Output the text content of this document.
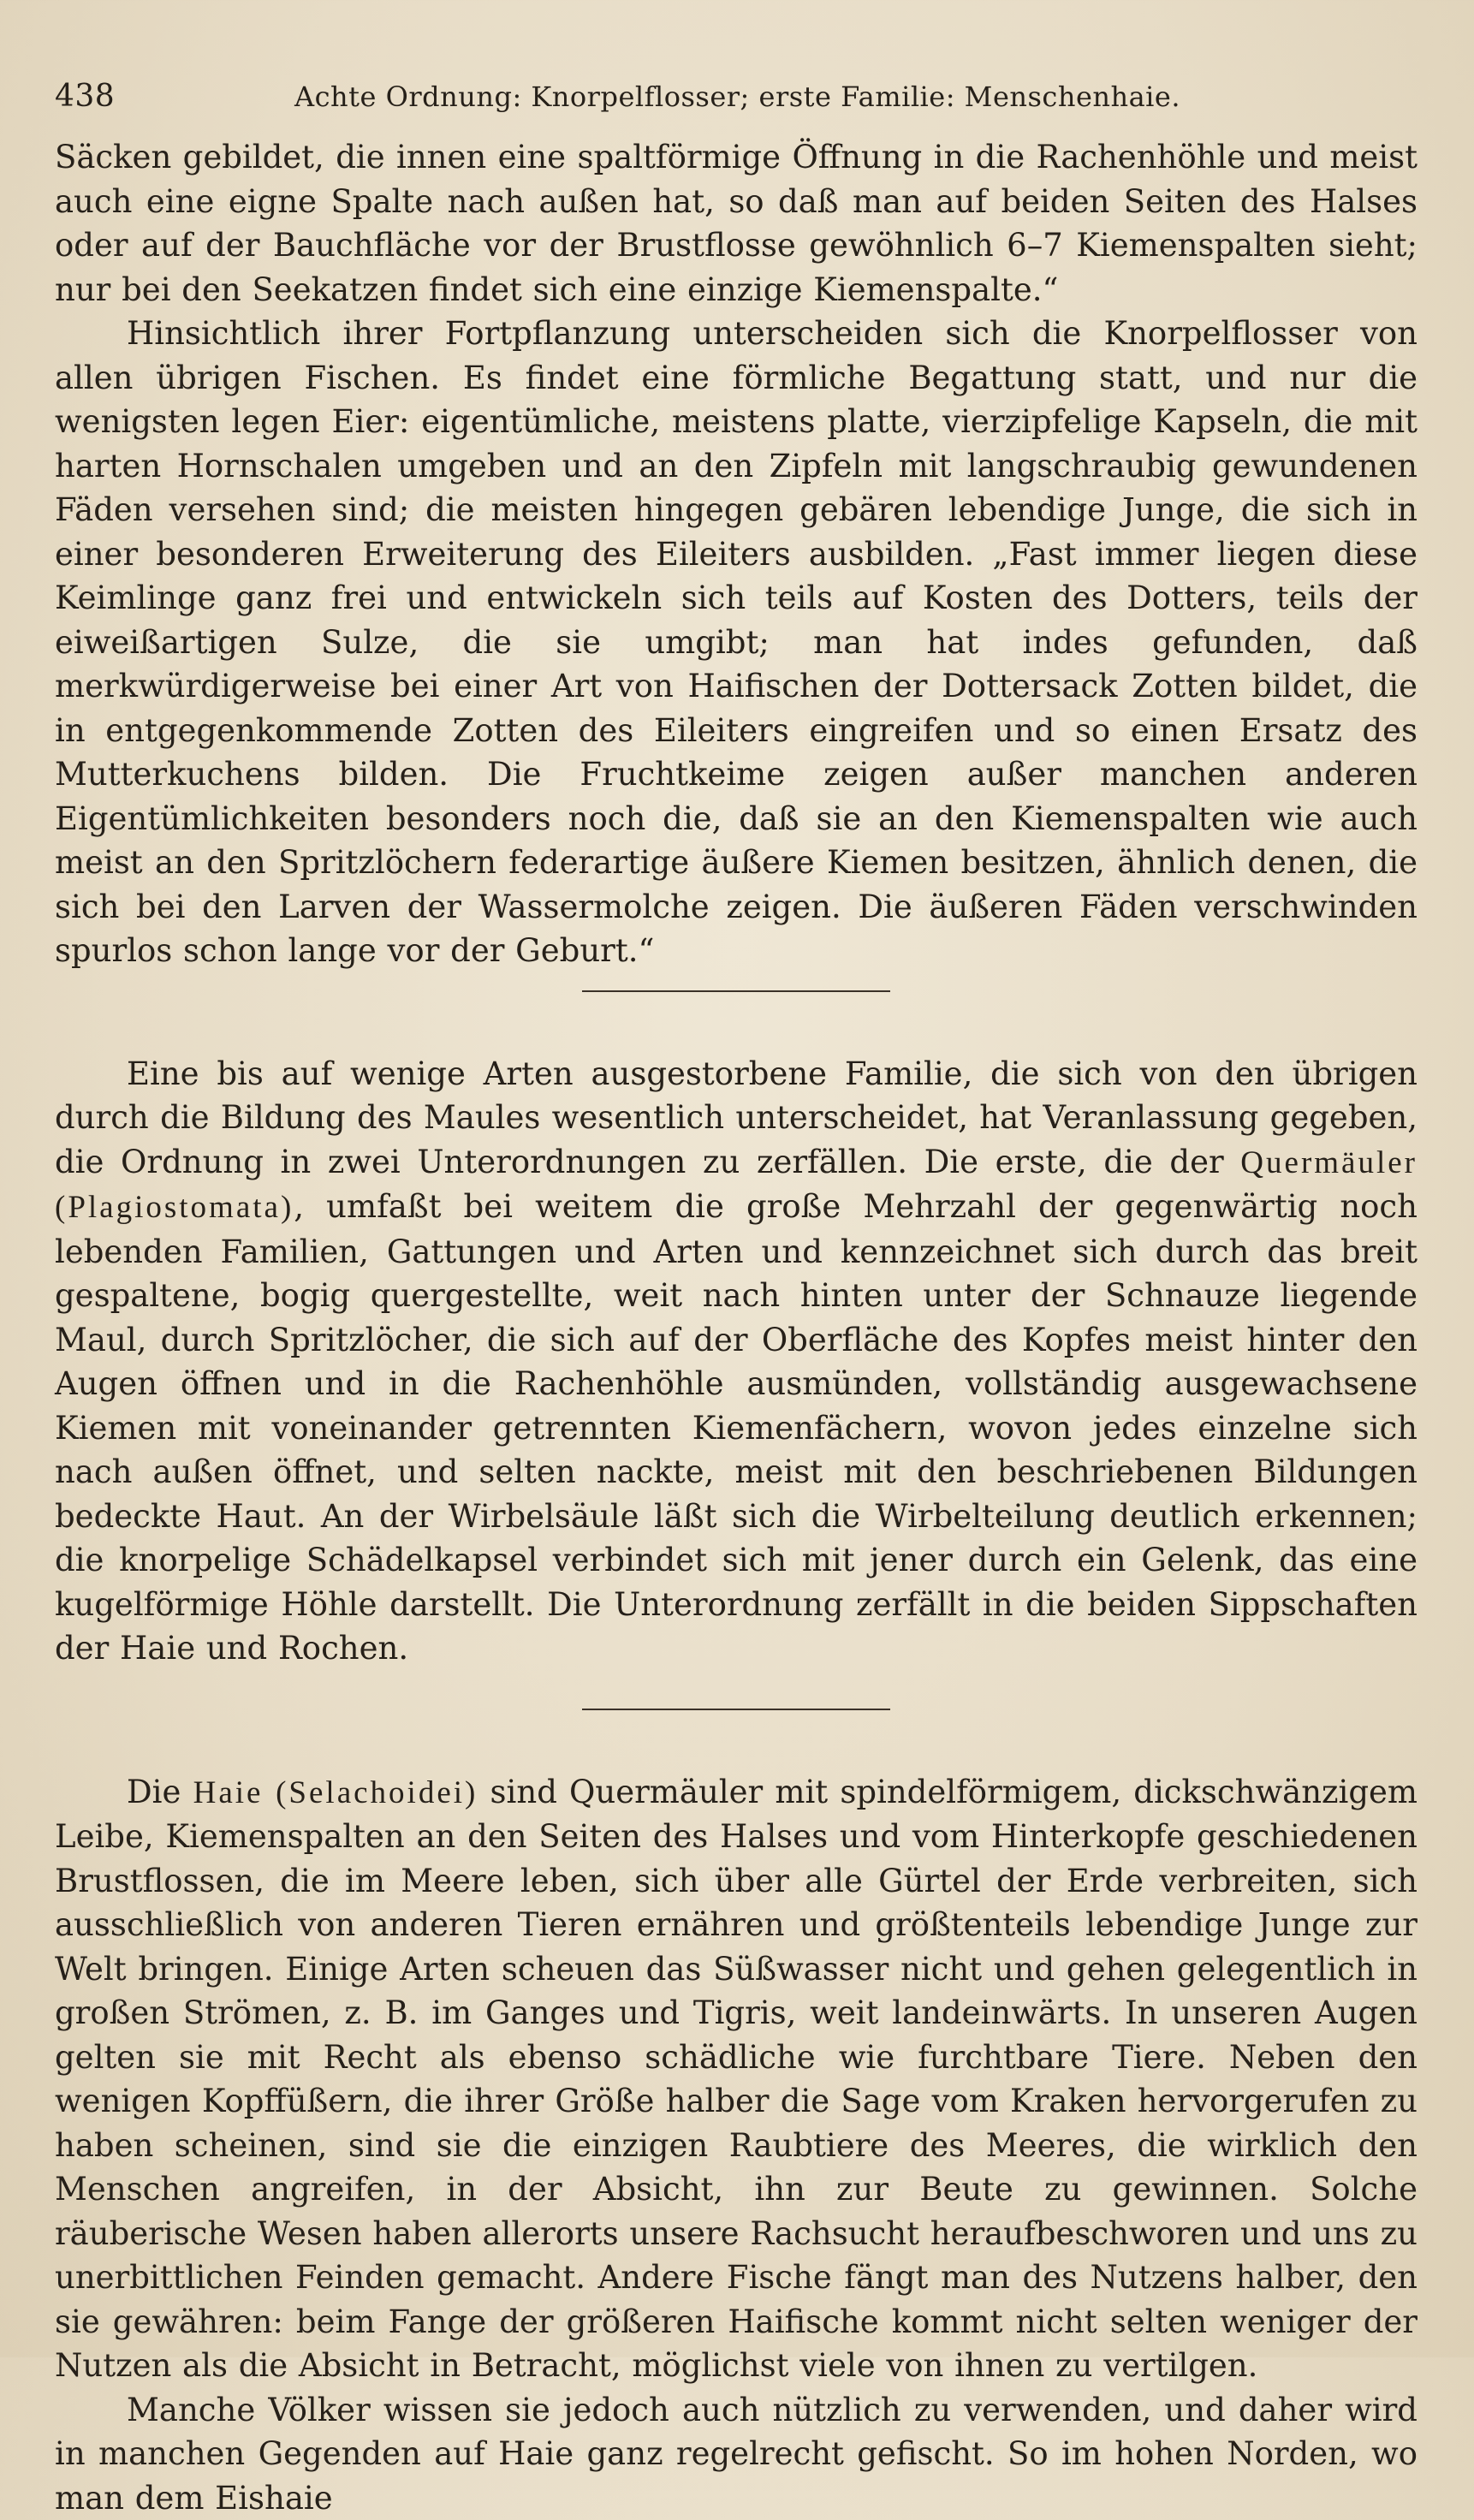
438	Achte Ordnung: Knorpelflosser; erste Familie: Menschenhaie.

Säcken gebildet, die innen eine spaltförmige Öffnung in die Rachenhöhle und meist auch eine eigne Spalte nach außen hat, so daß man auf beiden Seiten des Halses oder auf der Bauchfläche vor der Brustflosse gewöhnlich 6–7 Kiemenspalten sieht; nur bei den Seekatzen findet sich eine einzige Kiemenspalte.“

Hinsichtlich ihrer Fortpflanzung unterscheiden sich die Knorpelflosser von allen übrigen Fischen. Es findet eine förmliche Begattung statt, und nur die wenigsten legen Eier: eigentümliche, meistens platte, vierzipfelige Kapseln, die mit harten Hornschalen umgeben und an den Zipfeln mit langschraubig gewundenen Fäden versehen sind; die meisten hingegen gebären lebendige Junge, die sich in einer besonderen Erweiterung des Eileiters ausbilden. „Fast immer liegen diese Keimlinge ganz frei und entwickeln sich teils auf Kosten des Dotters, teils der eiweißartigen Sulze, die sie umgibt; man hat indes gefunden, daß merkwürdigerweise bei einer Art von Haifischen der Dottersack Zotten bildet, die in entgegenkommende Zotten des Eileiters eingreifen und so einen Ersatz des Mutterkuchens bilden. Die Fruchtkeime zeigen außer manchen anderen Eigentümlichkeiten besonders noch die, daß sie an den Kiemenspalten wie auch meist an den Spritzlöchern federartige äußere Kiemen besitzen, ähnlich denen, die sich bei den Larven der Wassermolche zeigen. Die äußeren Fäden verschwinden spurlos schon lange vor der Geburt.“

Eine bis auf wenige Arten ausgestorbene Familie, die sich von den übrigen durch die Bildung des Maules wesentlich unterscheidet, hat Veranlassung gegeben, die Ordnung in zwei Unterordnungen zu zerfällen. Die erste, die der Quermäuler (Plagiostomata), umfaßt bei weitem die große Mehrzahl der gegenwärtig noch lebenden Familien, Gattungen und Arten und kennzeichnet sich durch das breit gespaltene, bogig quergestellte, weit nach hinten unter der Schnauze liegende Maul, durch Spritzlöcher, die sich auf der Oberfläche des Kopfes meist hinter den Augen öffnen und in die Rachenhöhle ausmünden, vollständig ausgewachsene Kiemen mit voneinander getrennten Kiemenfächern, wovon jedes einzelne sich nach außen öffnet, und selten nackte, meist mit den beschriebenen Bildungen bedeckte Haut. An der Wirbelsäule läßt sich die Wirbelteilung deutlich erkennen; die knorpelige Schädelkapsel verbindet sich mit jener durch ein Gelenk, das eine kugelförmige Höhle darstellt. Die Unterordnung zerfällt in die beiden Sippschaften der Haie und Rochen.

Die Haie (Selachoidei) sind Quermäuler mit spindelförmigem, dickschwänzigem Leibe, Kiemenspalten an den Seiten des Halses und vom Hinterkopfe geschiedenen Brustflossen, die im Meere leben, sich über alle Gürtel der Erde verbreiten, sich ausschließlich von anderen Tieren ernähren und größtenteils lebendige Junge zur Welt bringen. Einige Arten scheuen das Süßwasser nicht und gehen gelegentlich in großen Strömen, z. B. im Ganges und Tigris, weit landeinwärts. In unseren Augen gelten sie mit Recht als ebenso schädliche wie furchtbare Tiere. Neben den wenigen Kopffüßern, die ihrer Größe halber die Sage vom Kraken hervorgerufen zu haben scheinen, sind sie die einzigen Raubtiere des Meeres, die wirklich den Menschen angreifen, in der Absicht, ihn zur Beute zu gewinnen. Solche räuberische Wesen haben allerorts unsere Rachsucht heraufbeschworen und uns zu unerbittlichen Feinden gemacht. Andere Fische fängt man des Nutzens halber, den sie gewähren: beim Fange der größeren Haifische kommt nicht selten weniger der Nutzen als die Absicht in Betracht, möglichst viele von ihnen zu vertilgen.

Manche Völker wissen sie jedoch auch nützlich zu verwenden, und daher wird in manchen Gegenden auf Haie ganz regelrecht gefischt. So im hohen Norden, wo man dem Eishaie
